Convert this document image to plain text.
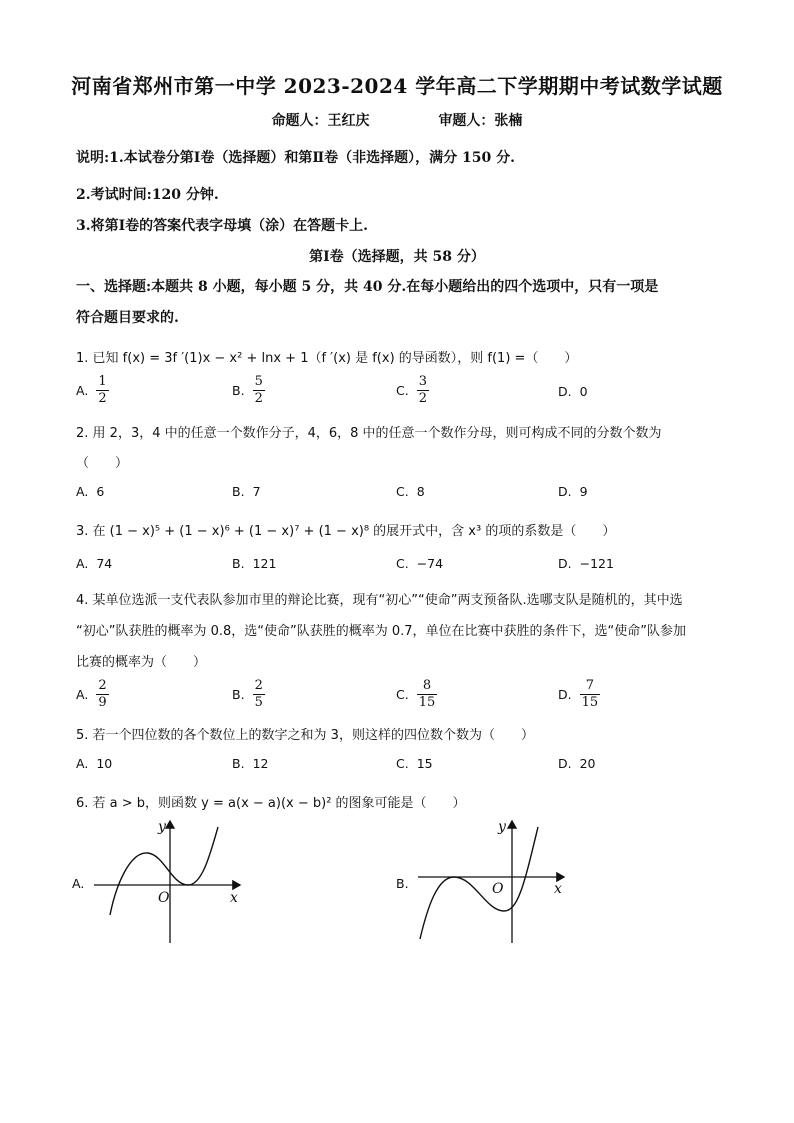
河南省郑州市第一中学 2023-2024 学年高二下学期期中考试数学试题
命题人：王红庆	审题人：张楠
说明:1.本试卷分第Ⅰ卷（选择题）和第Ⅱ卷（非选择题），满分 150 分.
2.考试时间:120 分钟.
3.将第Ⅰ卷的答案代表字母填（涂）在答题卡上.
第Ⅰ卷（选择题，共 58 分）
一、选择题:本题共 8 小题，每小题 5 分，共 40 分.在每小题给出的四个选项中，只有一项是
符合题目要求的.
1. 已知 f(x) = 3f ′(1)x − x² + lnx + 1（f ′(x) 是 f(x) 的导函数），则 f(1) =（　　）
A. $\frac{1}{2}$	B. $\frac{5}{2}$	C. $\frac{3}{2}$	D. 0
2. 用 2，3，4 中的任意一个数作分子，4，6，8 中的任意一个数作分母，则可构成不同的分数个数为
（　　）
A. 6	B. 7	C. 8	D. 9
3. 在 (1 − x)⁵ + (1 − x)⁶ + (1 − x)⁷ + (1 − x)⁸ 的展开式中，含 x³ 的项的系数是（　　）
A. 74	B. 121	C. −74	D. −121
4. 某单位选派一支代表队参加市里的辩论比赛，现有“初心”“使命”两支预备队.选哪支队是随机的，其中选
“初心”队获胜的概率为 0.8，选“使命”队获胜的概率为 0.7，单位在比赛中获胜的条件下，选“使命”队参加
比赛的概率为（　　）
A. $\frac{2}{9}$	B. $\frac{2}{5}$	C. $\frac{8}{15}$	D. $\frac{7}{15}$
5. 若一个四位数的各个数位上的数字之和为 3，则这样的四位数个数为（　　）
A. 10	B. 12	C. 15	D. 20
6. 若 a > b，则函数 y = a(x − a)(x − b)² 的图象可能是（　　）
A.
O	x
y
B.	O	x
y
